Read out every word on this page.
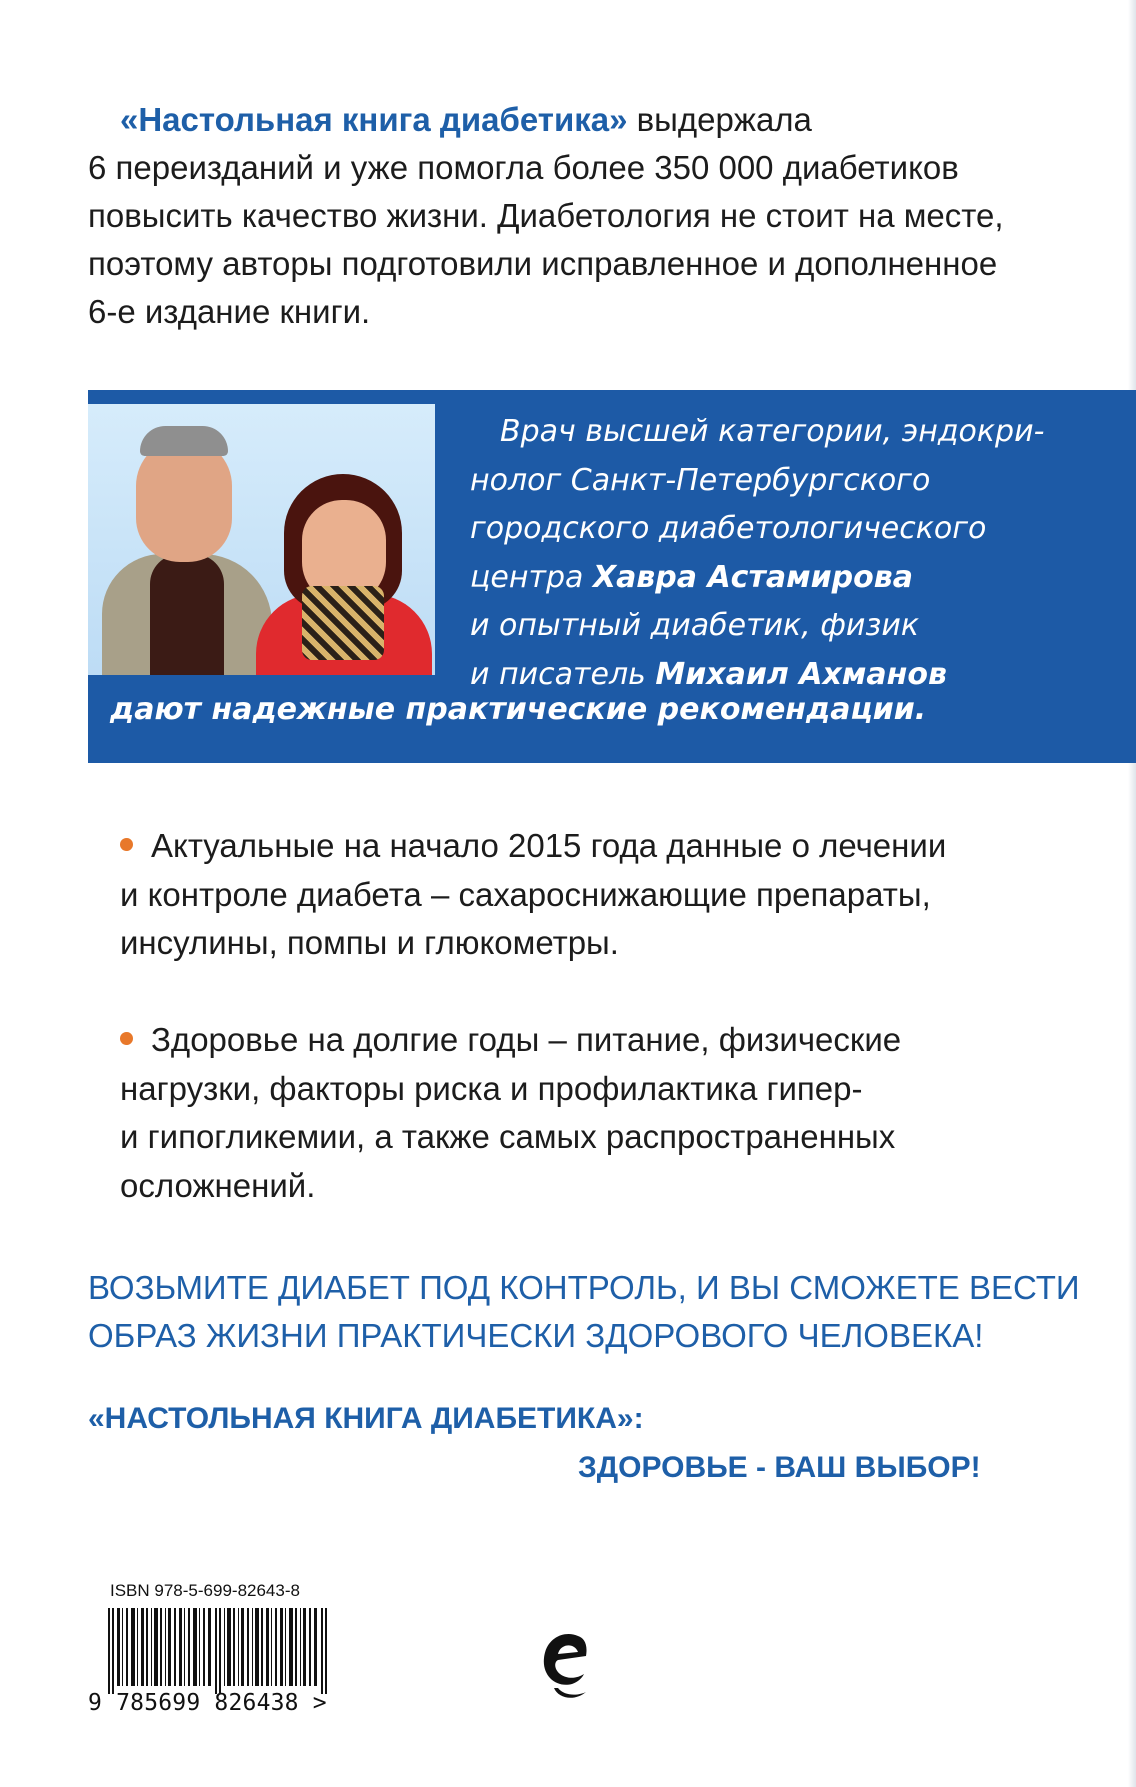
«Настольная книга диабетика» выдержала
6 переизданий и уже помогла более 350 000 диабетиков
повысить качество жизни. Диабетология не стоит на месте,
поэтому авторы подготовили исправленное и дополненное
6-е издание книги.
Врач высшей категории, эндокри-
нолог Санкт-Петербургского
городского диабетологического
центра Хавра Астамирова
и опытный диабетик, физик
и писатель Михаил Ахманов
дают надежные практические рекомендации.
Актуальные на начало 2015 года данные о лечении
и контроле диабета – сахароснижающие препараты,
инсулины, помпы и глюкометры.
Здоровье на долгие годы – питание, физические
нагрузки, факторы риска и профилактика гипер-
и гипогликемии, а также самых распространенных
осложнений.
ВОЗЬМИТЕ ДИАБЕТ ПОД КОНТРОЛЬ, И ВЫ СМОЖЕТЕ ВЕСТИ
ОБРАЗ ЖИЗНИ ПРАКТИЧЕСКИ ЗДОРОВОГО ЧЕЛОВЕКА!
«НАСТОЛЬНАЯ КНИГА ДИАБЕТИКА»:
ЗДОРОВЬЕ - ВАШ ВЫБОР!
ISBN 978-5-699-82643-8
9 785699 826438 >
